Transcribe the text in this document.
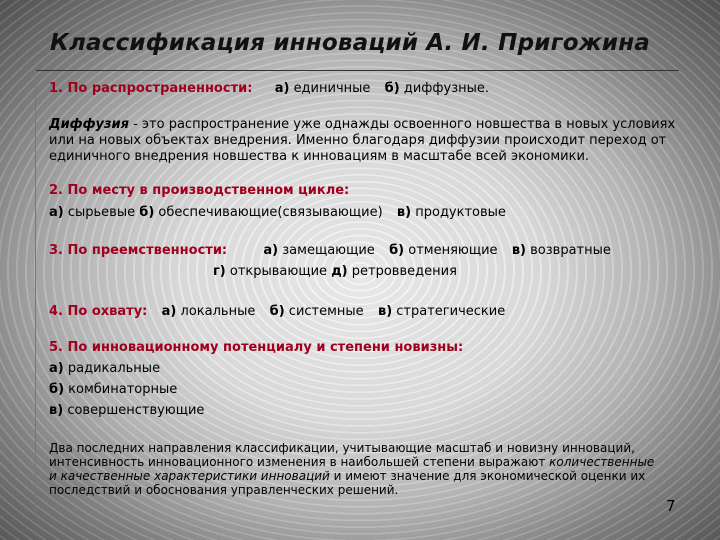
Классификация инноваций А. И. Пригожина

1. По распространенности: а) единичные б) диффузные.

Диффузия - это распространение уже однажды освоенного новшества в новых условиях или на новых объектах внедрения. Именно благодаря диффузии происходит переход от единичного внедрения новшества к инновациям в масштабе всей экономики.

2. По месту в производственном цикле:

а) сырьевые б) обеспечивающие(связывающие) в) продуктовые

3. По преемственности:	а) замещающие б) отменяющие в) возвратные

г) открывающие д) ретровведения

4. По охвату: а) локальные б) системные в) стратегические

5. По инновационному потенциалу и степени новизны:

а) радикальные

б) комбинаторные

в) совершенствующие

Два последних направления классификации, учитывающие масштаб и новизну инноваций, интенсивность инновационного изменения в наибольшей степени выражают количественные и качественные характеристики инноваций и имеют значение для экономической оценки их последствий и обоснования управленческих решений.

7
